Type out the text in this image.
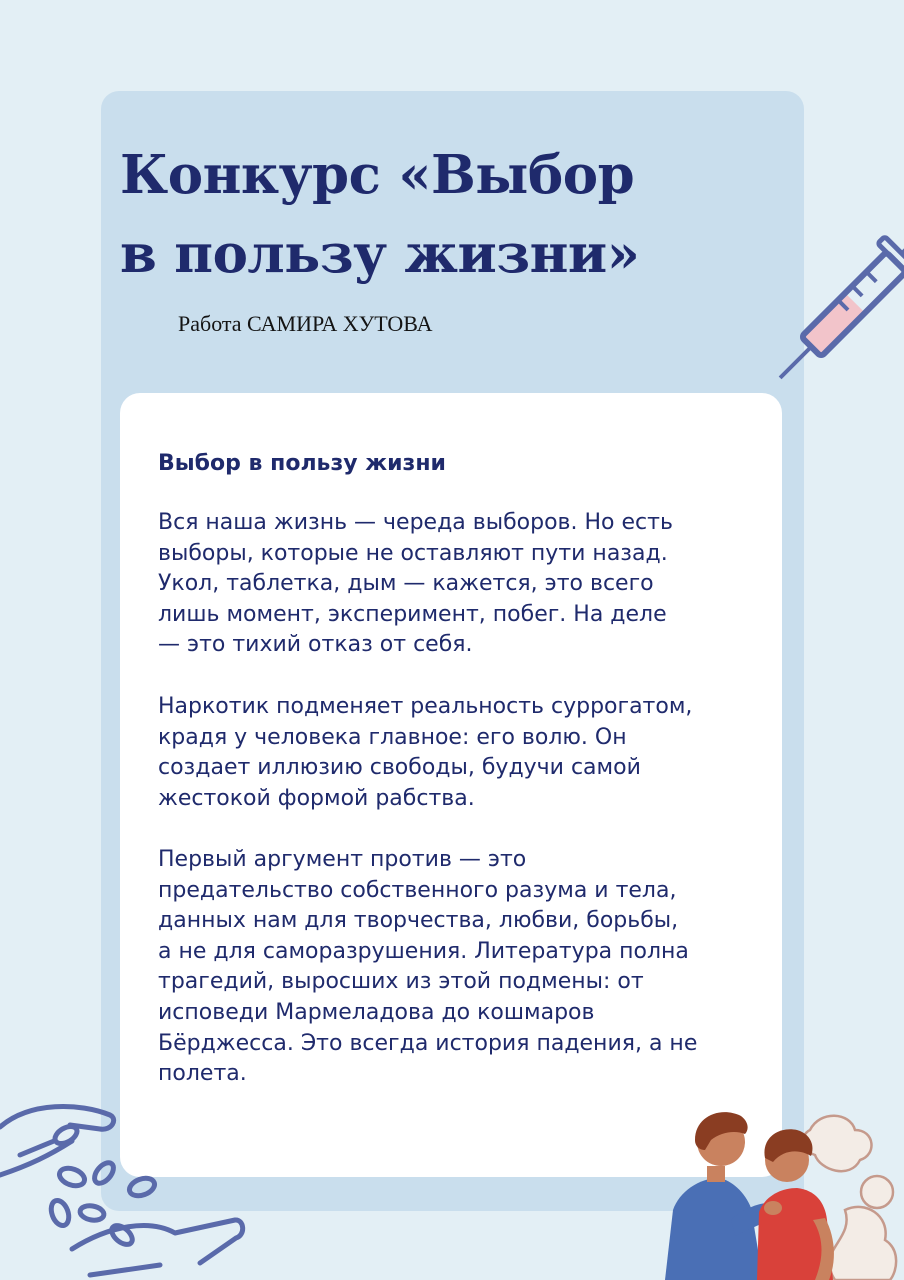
Конкурс «Выбор
в пользу жизни»

Работа САМИРА ХУТОВА

Выбор в пользу жизни

Вся наша жизнь — череда выборов. Но есть
выборы, которые не оставляют пути назад.
Укол, таблетка, дым — кажется, это всего
лишь момент, эксперимент, побег. На деле
— это тихий отказ от себя.

Наркотик подменяет реальность суррогатом,
крадя у человека главное: его волю. Он
создает иллюзию свободы, будучи самой
жестокой формой рабства.

Первый аргумент против — это
предательство собственного разума и тела,
данных нам для творчества, любви, борьбы,
а не для саморазрушения. Литература полна
трагедий, выросших из этой подмены: от
исповеди Мармеладова до кошмаров
Бёрджесса. Это всегда история падения, а не
полета.
